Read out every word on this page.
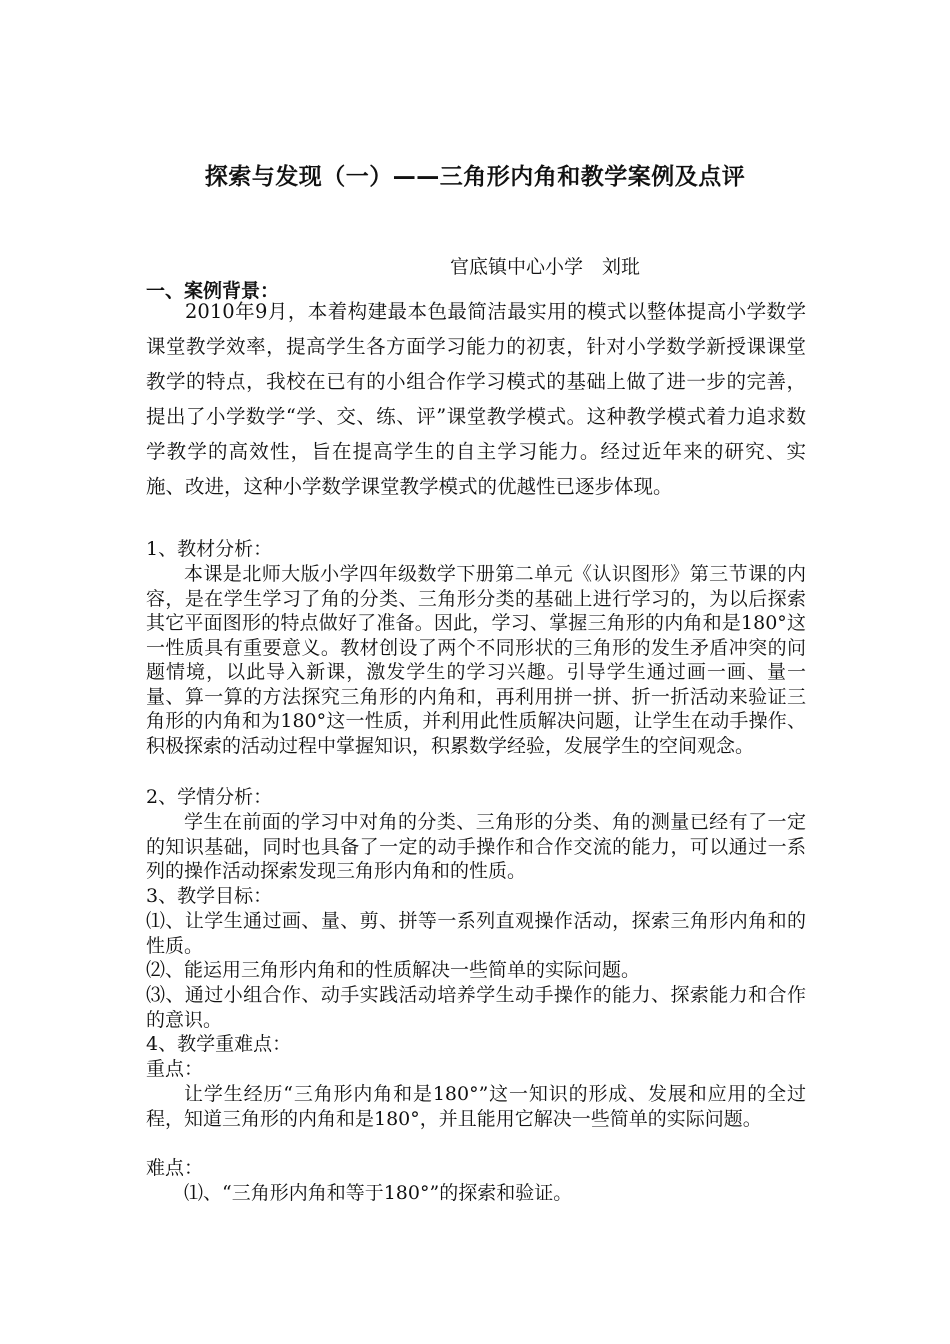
探索与发现（一）——三角形内角和教学案例及点评
官底镇中心小学　刘玭
一、案例背景：
2010年9月，本着构建最本色最简洁最实用的模式以整体提高小学数学课堂教学效率，提高学生各方面学习能力的初衷，针对小学数学新授课课堂教学的特点，我校在已有的小组合作学习模式的基础上做了进一步的完善，提出了小学数学“学、交、练、评”课堂教学模式。这种教学模式着力追求数学教学的高效性，旨在提高学生的自主学习能力。经过近年来的研究、实施、改进，这种小学数学课堂教学模式的优越性已逐步体现。
1、教材分析：
本课是北师大版小学四年级数学下册第二单元《认识图形》第三节课的内容，是在学生学习了角的分类、三角形分类的基础上进行学习的，为以后探索其它平面图形的特点做好了准备。因此，学习、掌握三角形的内角和是180°这一性质具有重要意义。教材创设了两个不同形状的三角形的发生矛盾冲突的问题情境，以此导入新课，激发学生的学习兴趣。引导学生通过画一画、量一量、算一算的方法探究三角形的内角和，再利用拼一拼、折一折活动来验证三角形的内角和为180°这一性质，并利用此性质解决问题，让学生在动手操作、积极探索的活动过程中掌握知识，积累数学经验，发展学生的空间观念。
2、学情分析：
学生在前面的学习中对角的分类、三角形的分类、角的测量已经有了一定的知识基础，同时也具备了一定的动手操作和合作交流的能力，可以通过一系列的操作活动探索发现三角形内角和的性质。
3、教学目标：
⑴、让学生通过画、量、剪、拼等一系列直观操作活动，探索三角形内角和的性质。
⑵、能运用三角形内角和的性质解决一些简单的实际问题。
⑶、通过小组合作、动手实践活动培养学生动手操作的能力、探索能力和合作的意识。
4、教学重难点：
重点：
让学生经历“三角形内角和是180°”这一知识的形成、发展和应用的全过程，知道三角形的内角和是180°，并且能用它解决一些简单的实际问题。
难点：
⑴、“三角形内角和等于180°”的探索和验证。
